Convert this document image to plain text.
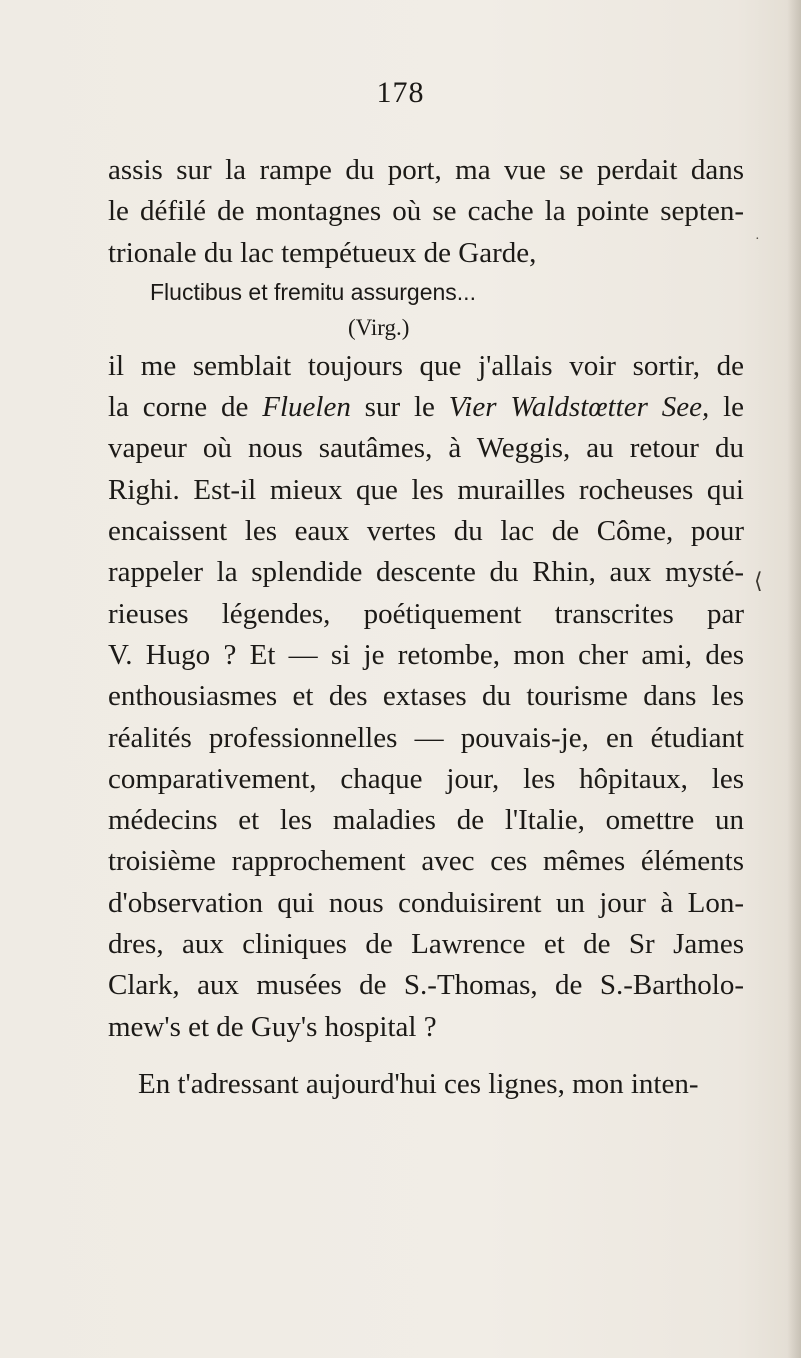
178
assis sur la rampe du port, ma vue se perdait dans
le défilé de montagnes où se cache la pointe septen-
trionale du lac tempétueux de Garde,
Fluctibus et fremitu assurgens...
(Virg.)
il me semblait toujours que j'allais voir sortir, de
la corne de Fluelen sur le Vier Waldstœtter See, le
vapeur où nous sautâmes, à Weggis, au retour du
Righi. Est-il mieux que les murailles rocheuses qui
encaissent les eaux vertes du lac de Côme, pour
rappeler la splendide descente du Rhin, aux mysté-
rieuses légendes, poétiquement transcrites par
V. Hugo ? Et — si je retombe, mon cher ami, des
enthousiasmes et des extases du tourisme dans les
réalités professionnelles — pouvais-je, en étudiant
comparativement, chaque jour, les hôpitaux, les
médecins et les maladies de l'Italie, omettre un
troisième rapprochement avec ces mêmes éléments
d'observation qui nous conduisirent un jour à Lon-
dres, aux cliniques de Lawrence et de Sr James
Clark, aux musées de S.-Thomas, de S.-Bartholo-
mew's et de Guy's hospital ?
En t'adressant aujourd'hui ces lignes, mon inten-
·
⟨
